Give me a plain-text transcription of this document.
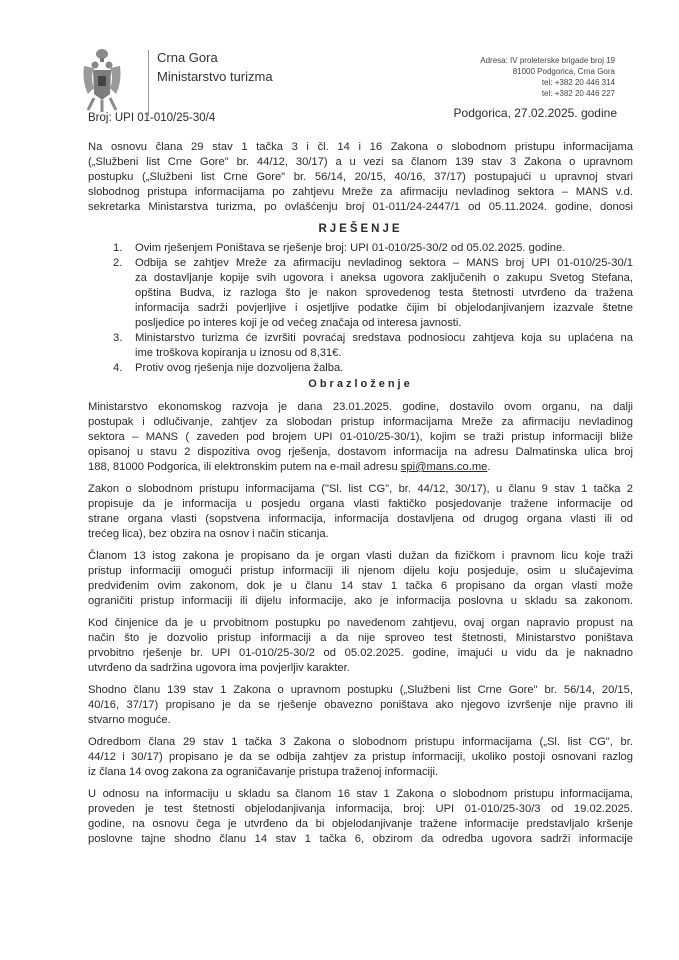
Crna Gora
Ministarstvo turizma
Adresa: IV proleterske brigade broj 19
81000 Podgorica, Crna Gora
tel: +382 20 446 314
tel: +382 20 446 227
Broj: UPI 01-010/25-30/4	Podgorica, 27.02.2025. godine
Na osnovu člana 29 stav 1 tačka 3 i čl. 14 i 16 Zakona o slobodnom pristupu informacijama
(„Službeni list Crne Gore" br. 44/12, 30/17) a u vezi sa članom 139 stav 3 Zakona o upravnom
postupku („Službeni list Crne Gore" br. 56/14, 20/15, 40/16, 37/17) postupajući u upravnoj stvari
slobodnog pristupa informacijama po zahtjevu Mreže za afirmaciju nevladinog sektora – MANS v.d.
sekretarka Ministarstva turizma, po ovlašćenju broj 01-011/24-2447/1 od 05.11.2024. godine, donosi
RJEŠENJE
1. Ovim rješenjem Poništava se rješenje broj: UPI 01-010/25-30/2 od 05.02.2025. godine.
2. Odbija se zahtjev Mreže za afirmaciju nevladinog sektora – MANS broj UPI 01-010/25-30/1
za dostavljanje kopije svih ugovora i aneksa ugovora zaključenih o zakupu Svetog Stefana,
opština Budva, iz razloga što je nakon sprovedenog testa štetnosti utvrđeno da tražena
informacija sadrži povjerljive i osjetljive podatke čijim bi objelodanjivanjem izazvale štetne
posljedice po interes koji je od većeg značaja od interesa javnosti.
3. Ministarstvo turizma će izvršiti povraćaj sredstava podnosiocu zahtjeva koja su uplaćena na
ime troškova kopiranja u iznosu od 8,31€.
4. Protiv ovog rješenja nije dozvoljena žalba.
Obrazloženje
Ministarstvo ekonomskog razvoja je dana 23.01.2025. godine, dostavilo ovom organu, na dalji
postupak i odlučivanje, zahtjev za slobodan pristup informacijama Mreže za afirmaciju nevladinog
sektora – MANS ( zaveden pod brojem UPI 01-010/25-30/1), kojim se traži pristup informaciji bliže
opisanoj u stavu 2 dispozitiva ovog rješenja, dostavom informacija na adresu Dalmatinska ulica broj
188, 81000 Podgorica, ili elektronskim putem na e-mail adresu spi@mans.co.me.
Zakon o slobodnom pristupu informacijama ("Sl. list CG", br. 44/12, 30/17), u članu 9 stav 1 tačka 2
propisuje da je informacija u posjedu organa vlasti faktičko posjedovanje tražene informacije od
strane organa vlasti (sopstvena informacija, informacija dostavljena od drugog organa vlasti ili od
trećeg lica), bez obzira na osnov i način sticanja.
Članom 13 istog zakona je propisano da je organ vlasti dužan da fizičkom i pravnom licu koje traži
pristup informaciji omogući pristup informaciji ili njenom dijelu koju posjeduje, osim u slučajevima
predviđenim ovim zakonom, dok je u članu 14 stav 1 tačka 6 propisano da organ vlasti može
ograničiti pristup informaciji ili dijelu informacije, ako je informacija poslovna u skladu sa zakonom.
Kod činjenice da je u prvobitnom postupku po navedenom zahtjevu, ovaj organ napravio propust na
način što je dozvolio pristup informaciji a da nije sproveo test štetnosti, Ministarstvo poništava
prvobitno rješenje br. UPI 01-010/25-30/2 od 05.02.2025. godine, imajući u vidu da je naknadno
utvrđeno da sadržina ugovora ima povjerljiv karakter.
Shodno članu 139 stav 1 Zakona o upravnom postupku („Službeni list Crne Gore" br. 56/14, 20/15,
40/16, 37/17) propisano je da se rješenje obavezno poništava ako njegovo izvršenje nije pravno ili
stvarno moguće.
Odredbom člana 29 stav 1 tačka 3 Zakona o slobodnom pristupu informacijama („Sl. list CG", br.
44/12 i 30/17) propisano je da se odbija zahtjev za pristup informaciji, ukoliko postoji osnovani razlog
iz člana 14 ovog zakona za ograničavanje pristupa traženoj informaciji.
U odnosu na informaciju u skladu sa članom 16 stav 1 Zakona o slobodnom pristupu informacijama,
proveden je test štetnosti objelodanjivanja informacija, broj: UPI 01-010/25-30/3 od 19.02.2025.
godine, na osnovu čega je utvrđeno da bi objelodanjivanje tražene informacije predstavljalo kršenje
poslovne tajne shodno članu 14 stav 1 tačka 6, obzirom da odredba ugovora sadrži informacije
